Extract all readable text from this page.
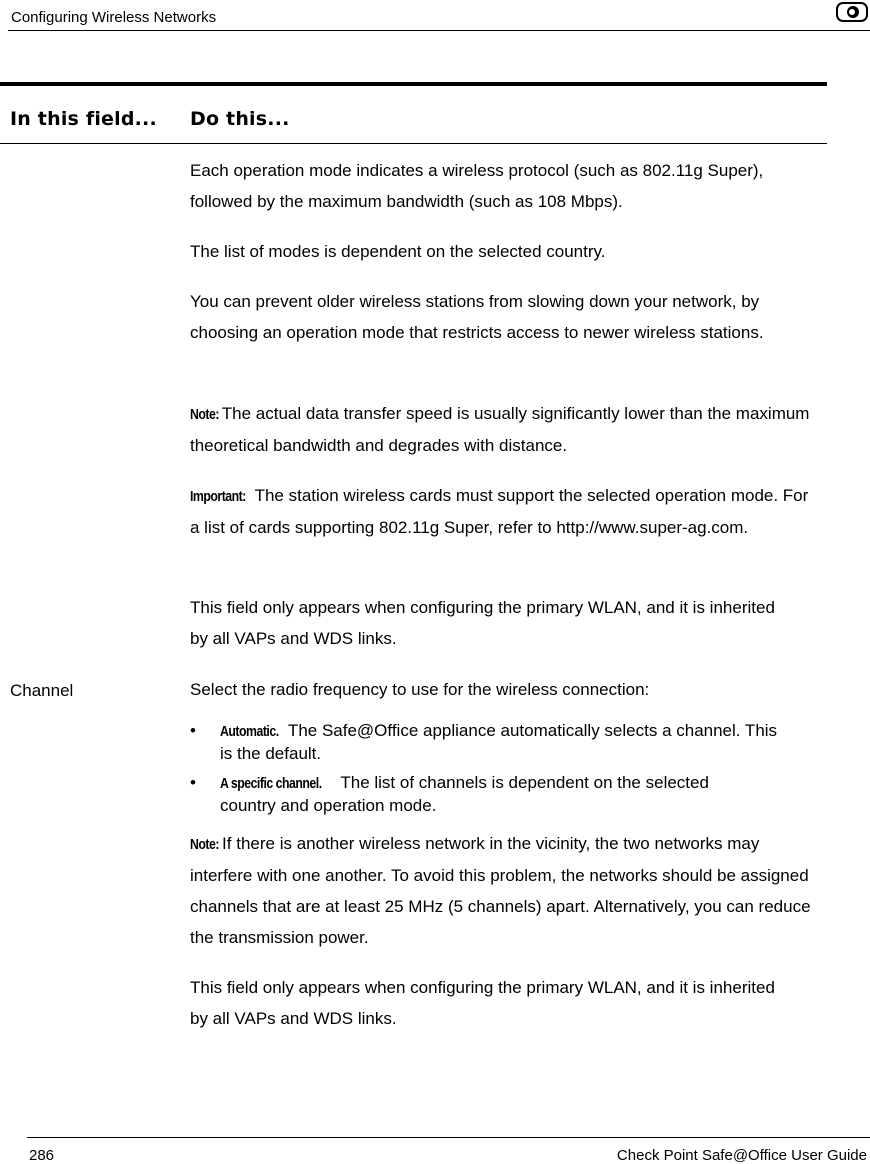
Configuring Wireless Networks
In this field... Do this...
Each operation mode indicates a wireless protocol (such as 802.11g Super), followed by the maximum bandwidth (such as 108 Mbps).
The list of modes is dependent on the selected country.
You can prevent older wireless stations from slowing down your network, by choosing an operation mode that restricts access to newer wireless stations.
Note: The actual data transfer speed is usually significantly lower than the maximum theoretical bandwidth and degrades with distance.
Important: The station wireless cards must support the selected operation mode. For a list of cards supporting 802.11g Super, refer to http://www.super-ag.com.
This field only appears when configuring the primary WLAN, and it is inherited by all VAPs and WDS links.
Channel	Select the radio frequency to use for the wireless connection:
• Automatic. The Safe@Office appliance automatically selects a channel. This is the default.
• A specific channel. The list of channels is dependent on the selected country and operation mode.
Note: If there is another wireless network in the vicinity, the two networks may interfere with one another. To avoid this problem, the networks should be assigned channels that are at least 25 MHz (5 channels) apart. Alternatively, you can reduce the transmission power.
This field only appears when configuring the primary WLAN, and it is inherited by all VAPs and WDS links.
286	Check Point Safe@Office User Guide
